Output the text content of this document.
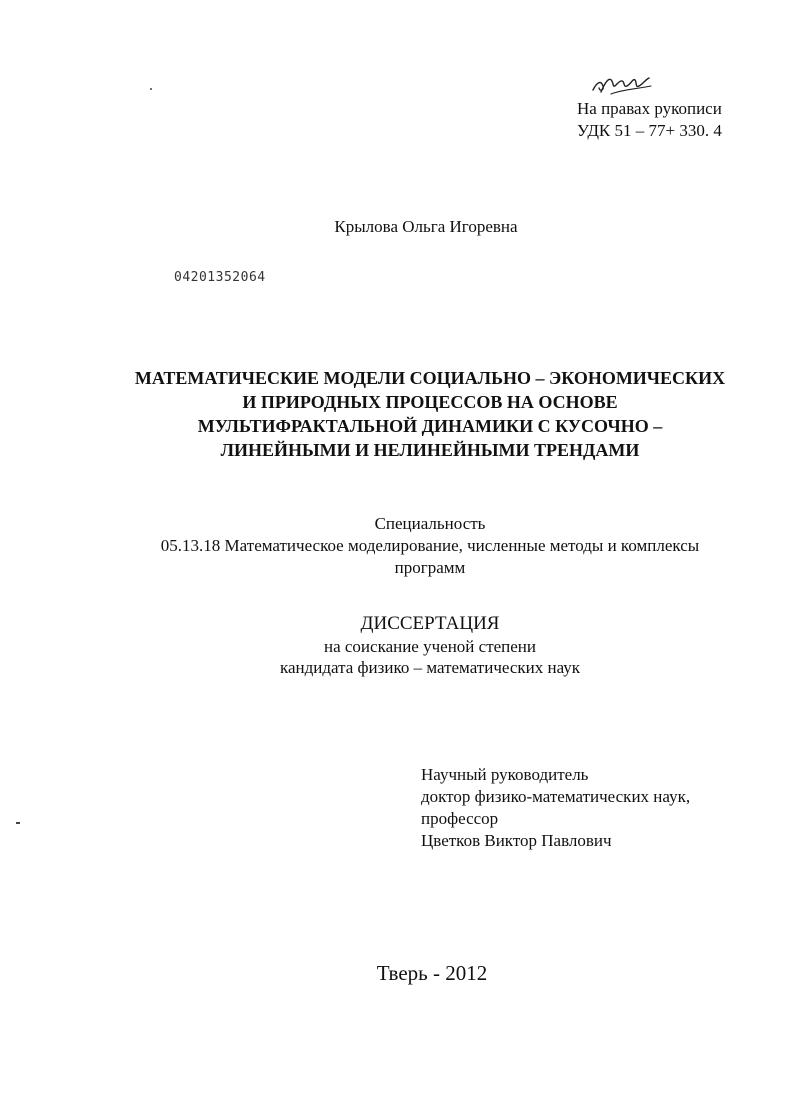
На правах рукописи
УДК 51 – 77+ 330. 4
Крылова Ольга Игоревна
04201352064
МАТЕМАТИЧЕСКИЕ МОДЕЛИ СОЦИАЛЬНО – ЭКОНОМИЧЕСКИХ
И ПРИРОДНЫХ ПРОЦЕССОВ НА ОСНОВЕ
МУЛЬТИФРАКТАЛЬНОЙ ДИНАМИКИ С КУСОЧНО –
ЛИНЕЙНЫМИ И НЕЛИНЕЙНЫМИ ТРЕНДАМИ
Специальность
05.13.18 Математическое моделирование, численные методы и комплексы
программ
ДИССЕРТАЦИЯ
на соискание ученой степени
кандидата физико – математических наук
Научный руководитель
доктор физико-математических наук,
профессор
Цветков Виктор Павлович
Тверь - 2012
